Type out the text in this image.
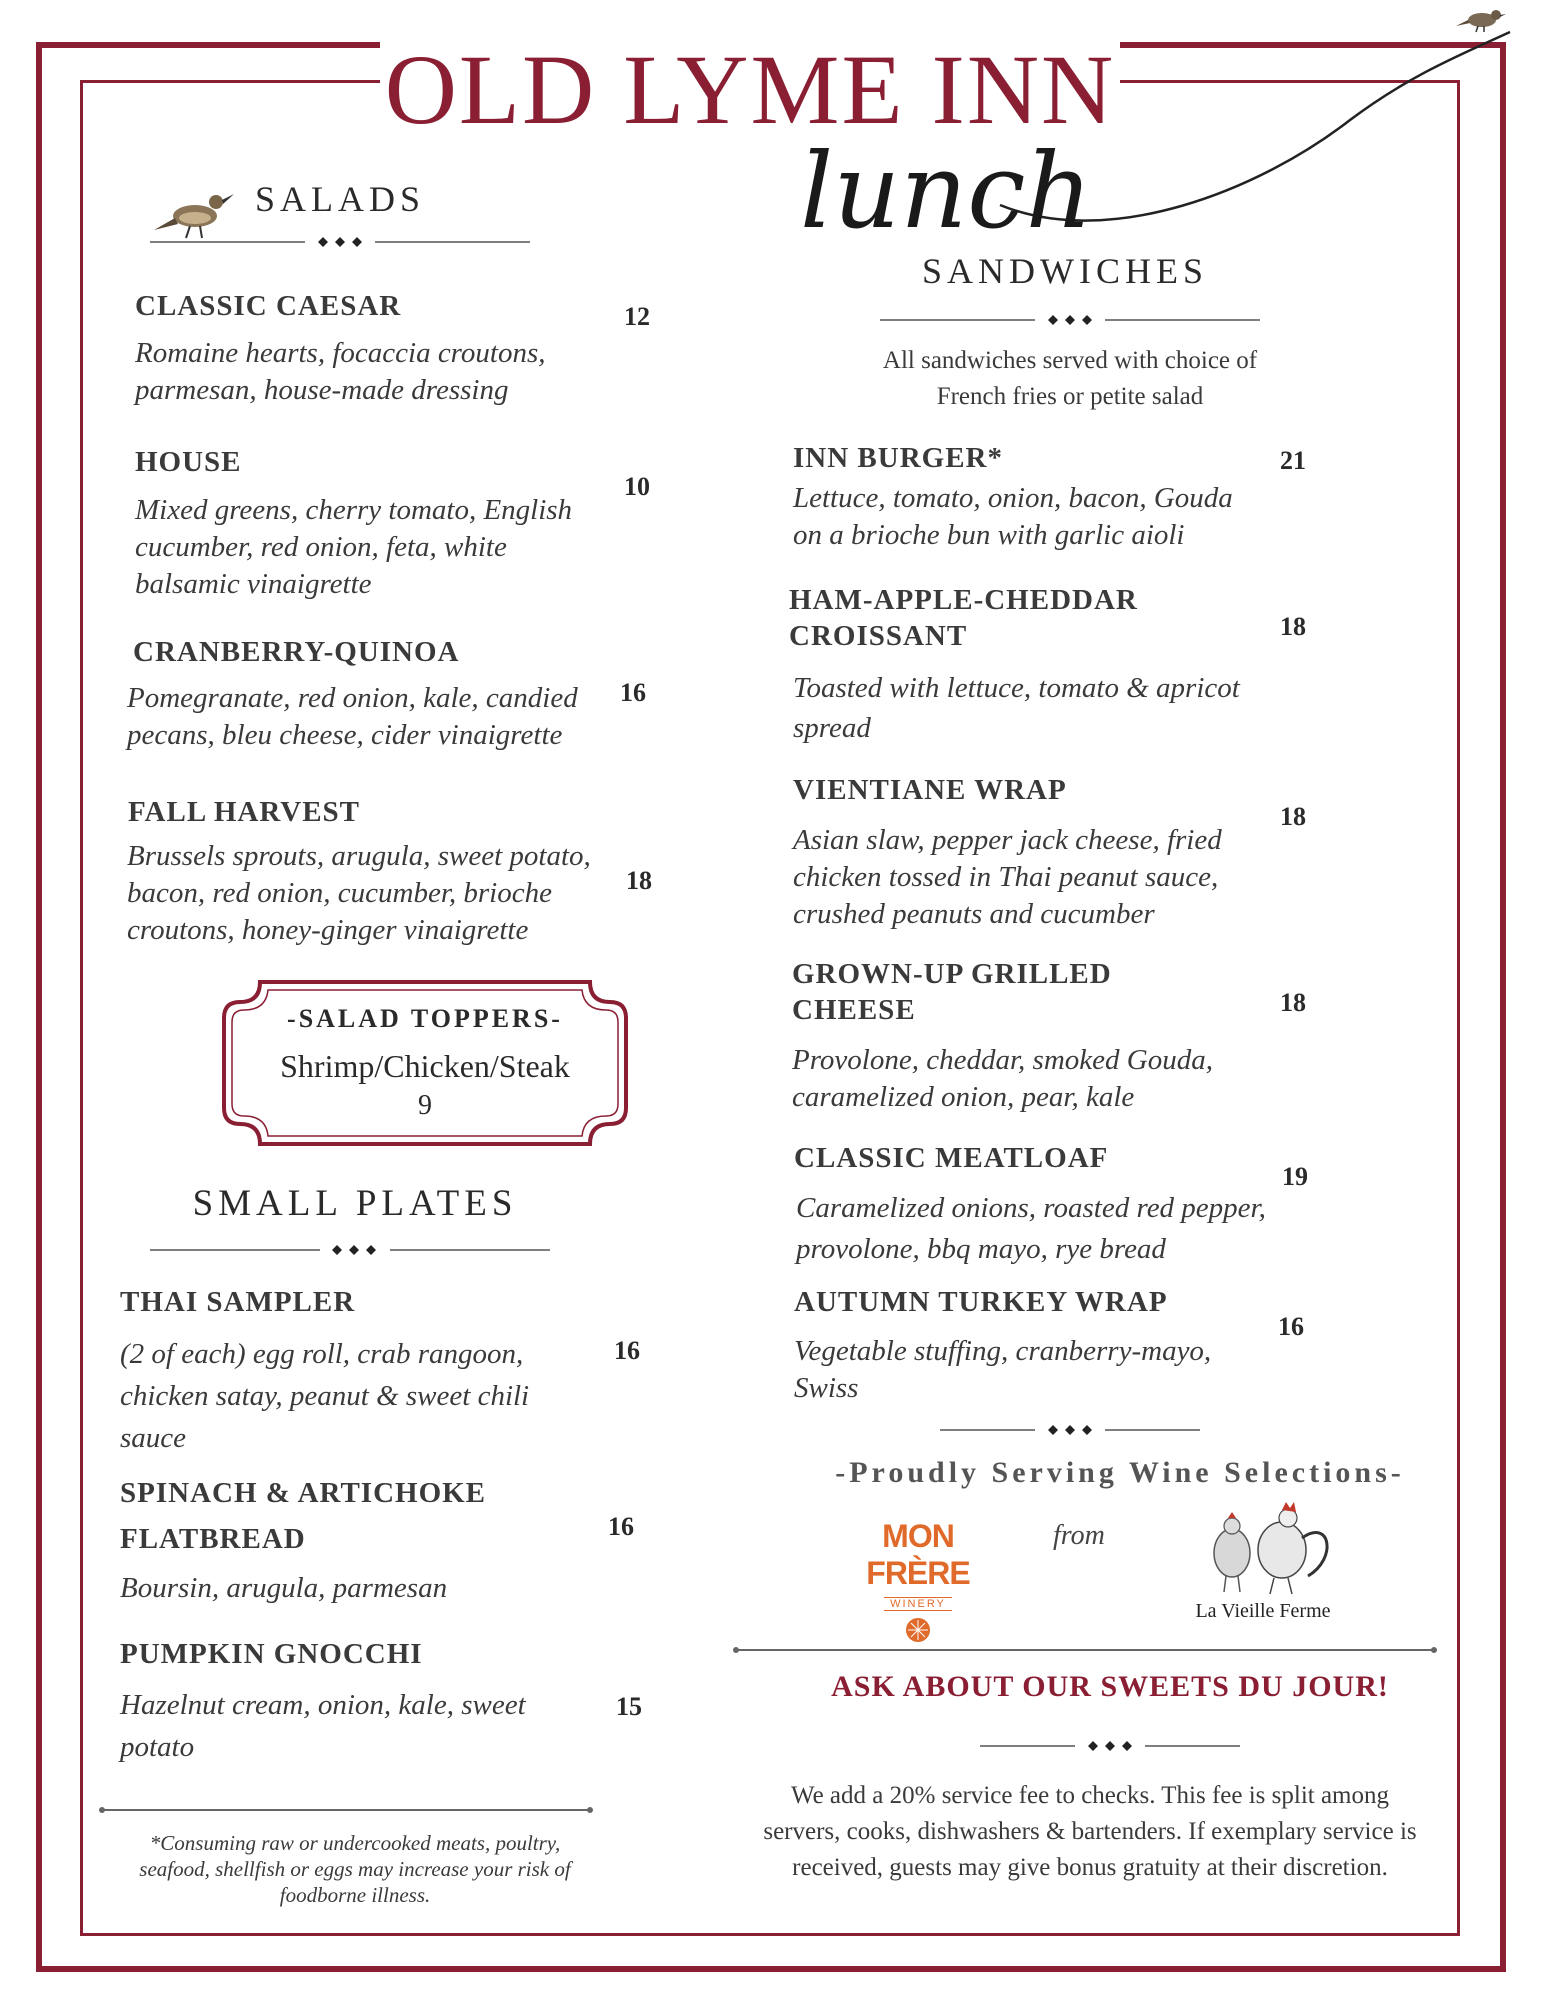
OLD LYME INN
lunch
SALADS
CLASSIC CAESAR	12
Romaine hearts, focaccia croutons,
parmesan, house-made dressing
HOUSE
10
Mixed greens, cherry tomato, English
cucumber, red onion, feta, white
balsamic vinaigrette
CRANBERRY-QUINOA
16
Pomegranate, red onion, kale, candied
pecans, bleu cheese, cider vinaigrette
FALL HARVEST
18
Brussels sprouts, arugula, sweet potato,
bacon, red onion, cucumber, brioche
croutons, honey-ginger vinaigrette
-SALAD TOPPERS-
Shrimp/Chicken/Steak
9
SMALL PLATES
THAI SAMPLER
16
(2 of each) egg roll, crab rangoon,
chicken satay, peanut & sweet chili
sauce
SPINACH & ARTICHOKE
FLATBREAD	16
Boursin, arugula, parmesan
PUMPKIN GNOCCHI
15
Hazelnut cream, onion, kale, sweet
potato
*Consuming raw or undercooked meats, poultry,
seafood, shellfish or eggs may increase your risk of
foodborne illness.
SANDWICHES
All sandwiches served with choice of
French fries or petite salad
INN BURGER*	21
Lettuce, tomato, onion, bacon, Gouda
on a brioche bun with garlic aioli
HAM-APPLE-CHEDDAR
CROISSANT	18
Toasted with lettuce, tomato & apricot
spread
VIENTIANE WRAP
18
Asian slaw, pepper jack cheese, fried
chicken tossed in Thai peanut sauce,
crushed peanuts and cucumber
GROWN-UP GRILLED
CHEESE	18
Provolone, cheddar, smoked Gouda,
caramelized onion, pear, kale
CLASSIC MEATLOAF
19
Caramelized onions, roasted red pepper,
provolone, bbq mayo, rye bread
AUTUMN TURKEY WRAP
16
Vegetable stuffing, cranberry-mayo,
Swiss
-Proudly Serving Wine Selections-
MON FRÈRE
WINERY
from
La Vieille Ferme
ASK ABOUT OUR SWEETS DU JOUR!
We add a 20% service fee to checks. This fee is split among
servers, cooks, dishwashers & bartenders. If exemplary service is
received, guests may give bonus gratuity at their discretion.
